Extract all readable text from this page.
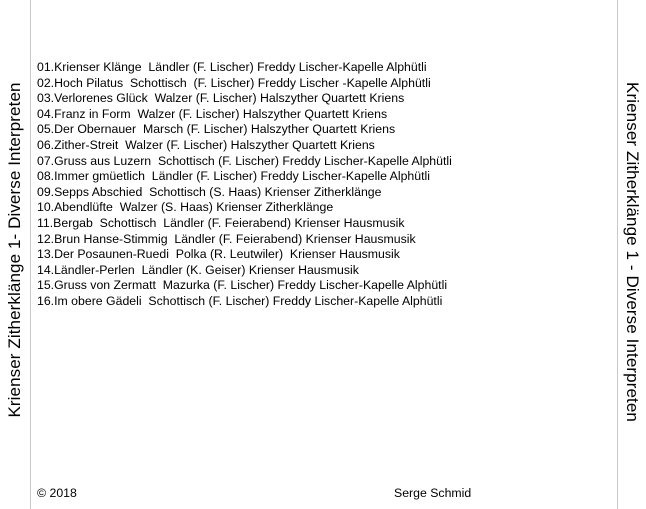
Krienser Zitherklänge 1- Diverse Interpreten
01.Krienser Klänge  Ländler (F. Lischer) Freddy Lischer-Kapelle Alphütli
02.Hoch Pilatus  Schottisch  (F. Lischer) Freddy Lischer -Kapelle Alphütli
03.Verlorenes Glück  Walzer (F. Lischer) Halszyther Quartett Kriens
04.Franz in Form  Walzer (F. Lischer) Halszyther Quartett Kriens
05.Der Obernauer  Marsch (F. Lischer) Halszyther Quartett Kriens
06.Zither-Streit  Walzer (F. Lischer) Halszyther Quartett Kriens
07.Gruss aus Luzern  Schottisch (F. Lischer) Freddy Lischer-Kapelle Alphütli
08.Immer gmüetlich  Ländler (F. Lischer) Freddy Lischer-Kapelle Alphütli
09.Sepps Abschied  Schottisch (S. Haas) Krienser Zitherklänge
10.Abendlüfte  Walzer (S. Haas) Krienser Zitherklänge
11.Bergab  Schottisch  Ländler (F. Feierabend) Krienser Hausmusik
12.Brun Hanse-Stimmig  Ländler (F. Feierabend) Krienser Hausmusik
13.Der Posaunen-Ruedi  Polka (R. Leutwiler)  Krienser Hausmusik
14.Ländler-Perlen  Ländler (K. Geiser) Krienser Hausmusik
15.Gruss von Zermatt  Mazurka (F. Lischer) Freddy Lischer-Kapelle Alphütli
16.Im obere Gädeli  Schottisch (F. Lischer) Freddy Lischer-Kapelle Alphütli
© 2018	Serge Schmid
Krienser Zitherklänge 1 - Diverse Interpreten
